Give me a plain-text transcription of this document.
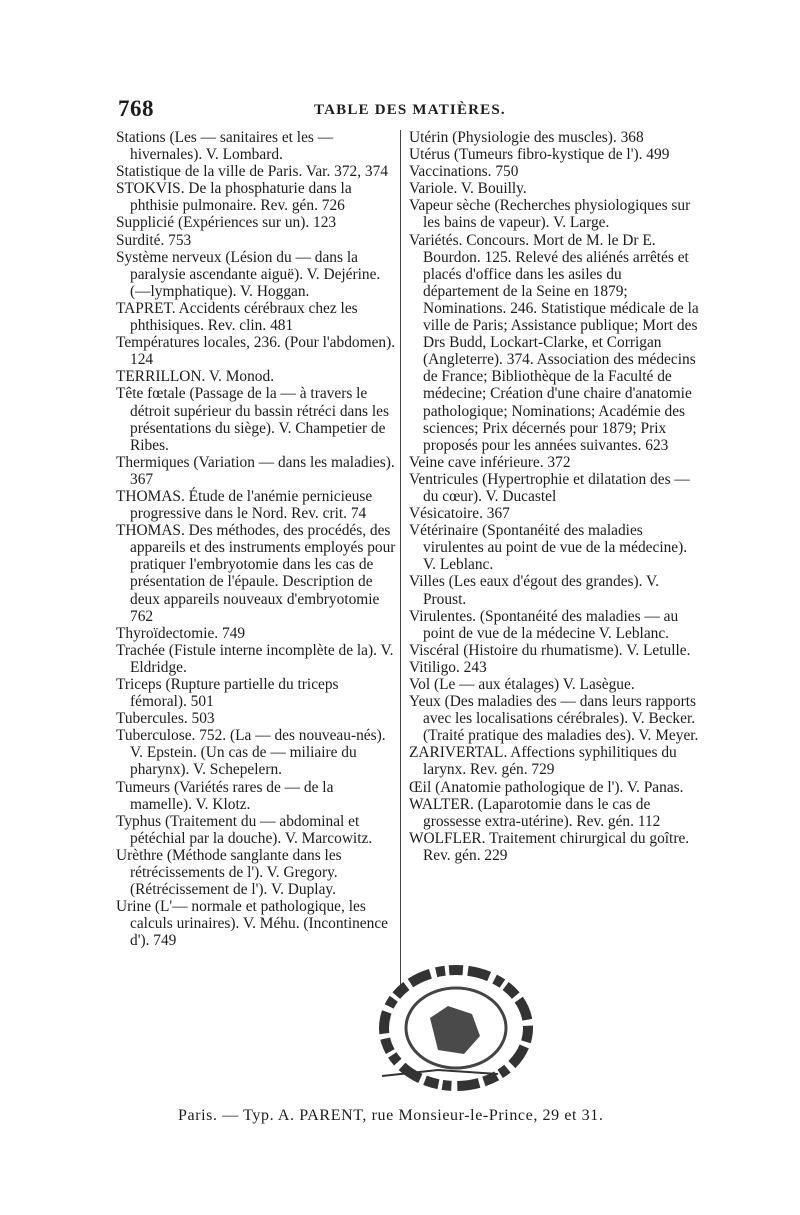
768	TABLE DES MATIÈRES.

Stations (Les — sanitaires et les — hivernales). V. Lombard.

Statistique de la ville de Paris. Var. 372, 374

STOKVIS. De la phosphaturie dans la phthisie pulmonaire. Rev. gén. 726

Supplicié (Expériences sur un). 123

Surdité. 753

Système nerveux (Lésion du — dans la paralysie ascendante aiguë). V. Dejérine. (—lymphatique). V. Hoggan.

TAPRET. Accidents cérébraux chez les phthisiques. Rev. clin. 481

Températures locales, 236. (Pour l'abdomen). 124

TERRILLON. V. Monod.

Tête fœtale (Passage de la — à travers le détroit supérieur du bassin rétréci dans les présentations du siège). V. Champetier de Ribes.

Thermiques (Variation — dans les maladies). 367

THOMAS. Étude de l'anémie pernicieuse progressive dans le Nord. Rev. crit. 74

THOMAS. Des méthodes, des procédés, des appareils et des instruments employés pour pratiquer l'embryotomie dans les cas de présentation de l'épaule. Description de deux appareils nouveaux d'embryotomie 762

Thyroïdectomie. 749

Trachée (Fistule interne incomplète de la). V. Eldridge.

Triceps (Rupture partielle du triceps fémoral). 501

Tubercules. 503

Tuberculose. 752. (La — des nouveau-nés). V. Epstein. (Un cas de — miliaire du pharynx). V. Schepelern.

Tumeurs (Variétés rares de — de la mamelle). V. Klotz.

Typhus (Traitement du — abdominal et pétéchial par la douche). V. Marcowitz.

Urèthre (Méthode sanglante dans les rétrécissements de l'). V. Gregory. (Rétrécissement de l'). V. Duplay.

Urine (L'— normale et pathologique, les calculs urinaires). V. Méhu. (Incontinence d'). 749

Utérin (Physiologie des muscles). 368

Utérus (Tumeurs fibro-kystique de l'). 499

Vaccinations. 750

Variole. V. Bouilly.

Vapeur sèche (Recherches physiologiques sur les bains de vapeur). V. Large.

Variétés. Concours. Mort de M. le Dr E. Bourdon. 125. Relevé des aliénés arrêtés et placés d'office dans les asiles du département de la Seine en 1879; Nominations. 246. Statistique médicale de la ville de Paris; Assistance publique; Mort des Drs Budd, Lockart-Clarke, et Corrigan (Angleterre). 374. Association des médecins de France; Bibliothèque de la Faculté de médecine; Création d'une chaire d'anatomie pathologique; Nominations; Académie des sciences; Prix décernés pour 1879; Prix proposés pour les années suivantes. 623

Veine cave inférieure. 372

Ventricules (Hypertrophie et dilatation des — du cœur). V. Ducastel

Vésicatoire. 367

Vétérinaire (Spontanéité des maladies virulentes au point de vue de la médecine). V. Leblanc.

Villes (Les eaux d'égout des grandes). V. Proust.

Virulentes. (Spontanéité des maladies — au point de vue de la médecine V. Leblanc.

Viscéral (Histoire du rhumatisme). V. Letulle.

Vitiligo. 243

Vol (Le — aux étalages) V. Lasègue.

Yeux (Des maladies des — dans leurs rapports avec les localisations cérébrales). V. Becker. (Traité pratique des maladies des). V. Meyer.

ZARIVERTAL. Affections syphilitiques du larynx. Rev. gén. 729

Œil (Anatomie pathologique de l'). V. Panas.

WALTER. (Laparotomie dans le cas de grossesse extra-utérine). Rev. gén. 112

WOLFLER. Traitement chirurgical du goître. Rev. gén. 229

Paris. — Typ. A. PARENT, rue Monsieur-le-Prince, 29 et 31.
